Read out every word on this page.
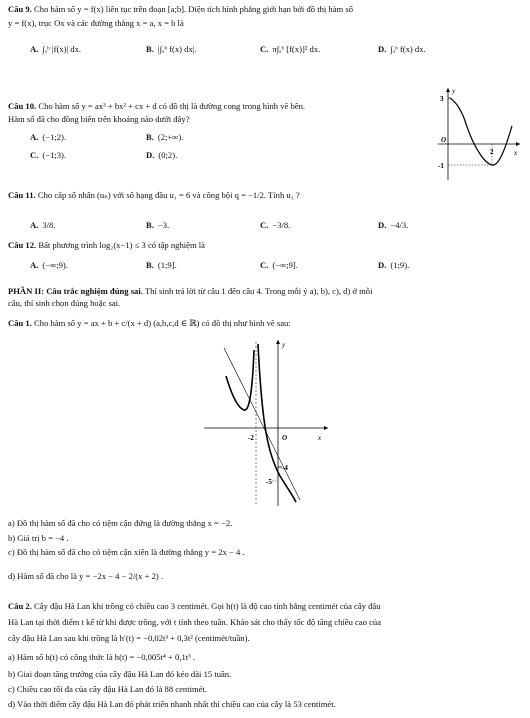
Câu 9. Cho hàm số y = f(x) liên tục trên đoạn [a;b]. Diện tích hình phẳng giới hạn bởi đồ thị hàm số
y = f(x), trục Ox và các đường thẳng x = a, x = b là
A. ∫ₐᵇ |f(x)| dx.	B. |∫ₐᵇ f(x) dx|.	C. π∫ₐᵇ [f(x)]² dx.	D. ∫ₐᵇ f(x) dx.
Câu 10. Cho hàm số y = ax³ + bx² + cx + d có đồ thị là đường cong trong hình vẽ bên.
Hàm số đã cho đồng biến trên khoảng nào dưới đây?
A. (−1;2).	B. (2;+∞).
C. (−1;3).	D. (0;2).
y
x
O
3
2
-1
Câu 11. Cho cấp số nhân (uₙ) với số hạng đầu u₁ = 6 và công bội q = −1/2. Tính u₃ ?
A. 3/8.	B. −3.	C. −3/8.	D. −4/3.
Câu 12. Bất phương trình log₂(x−1) ≤ 3 có tập nghiệm là
A. (−∞;9).	B. (1;9].	C. (−∞;9].	D. (1;9).
PHẦN II: Câu trắc nghiệm đúng sai. Thí sinh trả lời từ câu 1 đến câu 4. Trong mỗi ý a), b), c), d) ở mỗi
câu, thí sinh chọn đúng hoặc sai.
Câu 1. Cho hàm số y = ax + b + c/(x + d) (a,b,c,d ∈ ℝ) có đồ thị như hình vẽ sau:
y
x
O
-2
-4
-5
a) Đồ thị hàm số đã cho có tiệm cận đứng là đường thẳng x = −2.
b) Giá trị b = −4 .
c) Đồ thị hàm số đã cho có tiệm cận xiên là đường thẳng y = 2x − 4 .
d) Hàm số đã cho là y = −2x − 4 − 2/(x + 2) .
Câu 2. Cây đậu Hà Lan khi trồng có chiều cao 3 centimét. Gọi h(t) là độ cao tính bằng centimét của cây đậu
Hà Lan tại thời điểm t kể từ khi được trồng, với t tính theo tuần. Khảo sát cho thấy tốc độ tăng chiều cao của
cây đậu Hà Lan sau khi trồng là h′(t) = −0,02t³ + 0,3t² (centimét/tuần).
a) Hàm số h(t) có công thức là h(t) = −0,005t⁴ + 0,1t³ .
b) Giai đoạn tăng trưởng của cây đậu Hà Lan đó kéo dài 15 tuần.
c) Chiều cao tối đa của cây đậu Hà Lan đó là 88 centimét.
d) Vào thời điểm cây đậu Hà Lan đó phát triển nhanh nhất thì chiều cao của cây là 53 centimét.
